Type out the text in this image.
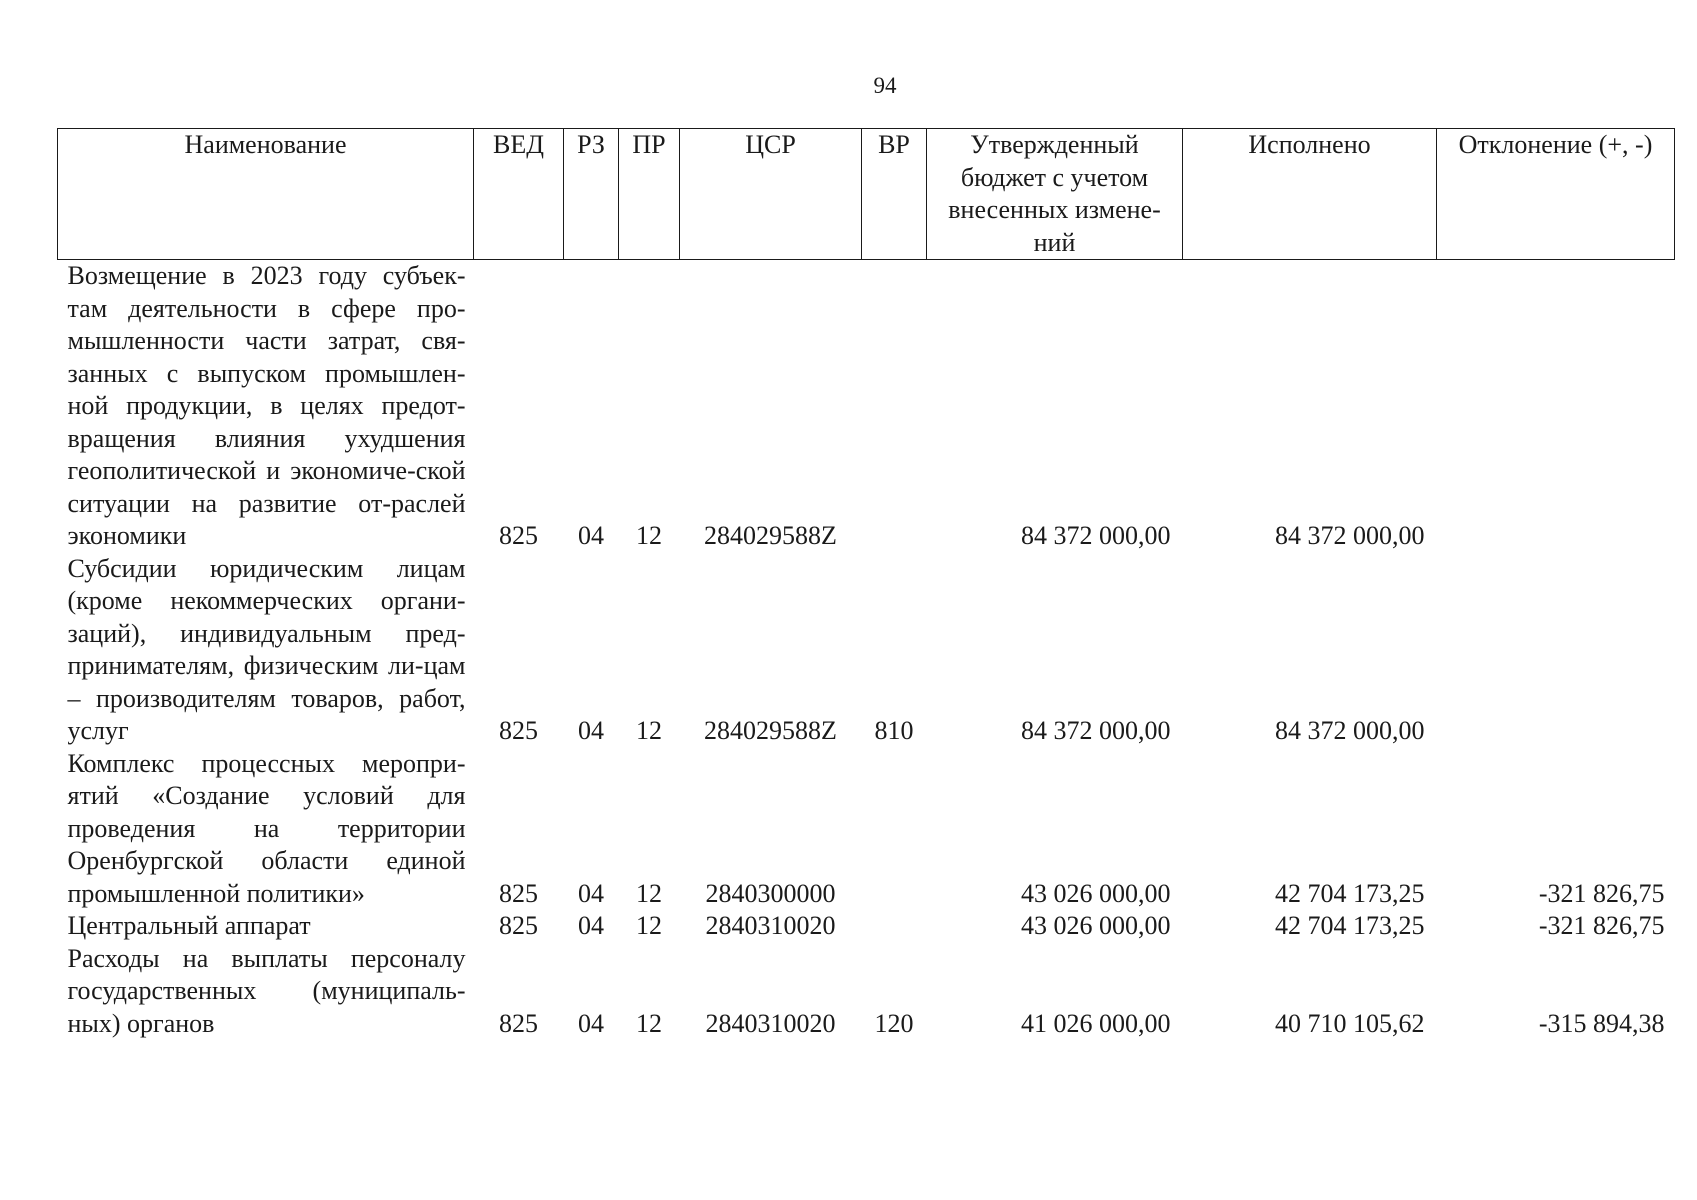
94
Наименование	ВЕД	РЗ	ПР	ЦСР	ВР	Утвержденный бюджет с учетом внесенных измене-ний	Исполнено	Отклонение (+, -)
Возмещение в 2023 году субъек-там деятельности в сфере про-мышленности части затрат, свя-занных с выпуском промышлен-ной продукции, в целях предот-вращения влияния ухудшения геополитической и экономиче-ской ситуации на развитие от-раслей экономики	825	04	12	284029588Z		84 372 000,00	84 372 000,00	
Субсидии юридическим лицам (кроме некоммерческих органи-заций), индивидуальным пред-принимателям, физическим ли-цам – производителям товаров, работ, услуг	825	04	12	284029588Z	810	84 372 000,00	84 372 000,00	
Комплекс процессных меропри-ятий «Создание условий для проведения на территории Оренбургской области единой промышленной политики»	825	04	12	2840300000		43 026 000,00	42 704 173,25	-321 826,75
Центральный аппарат	825	04	12	2840310020		43 026 000,00	42 704 173,25	-321 826,75
Расходы на выплаты персоналу государственных (муниципаль-ных) органов	825	04	12	2840310020	120	41 026 000,00	40 710 105,62	-315 894,38
